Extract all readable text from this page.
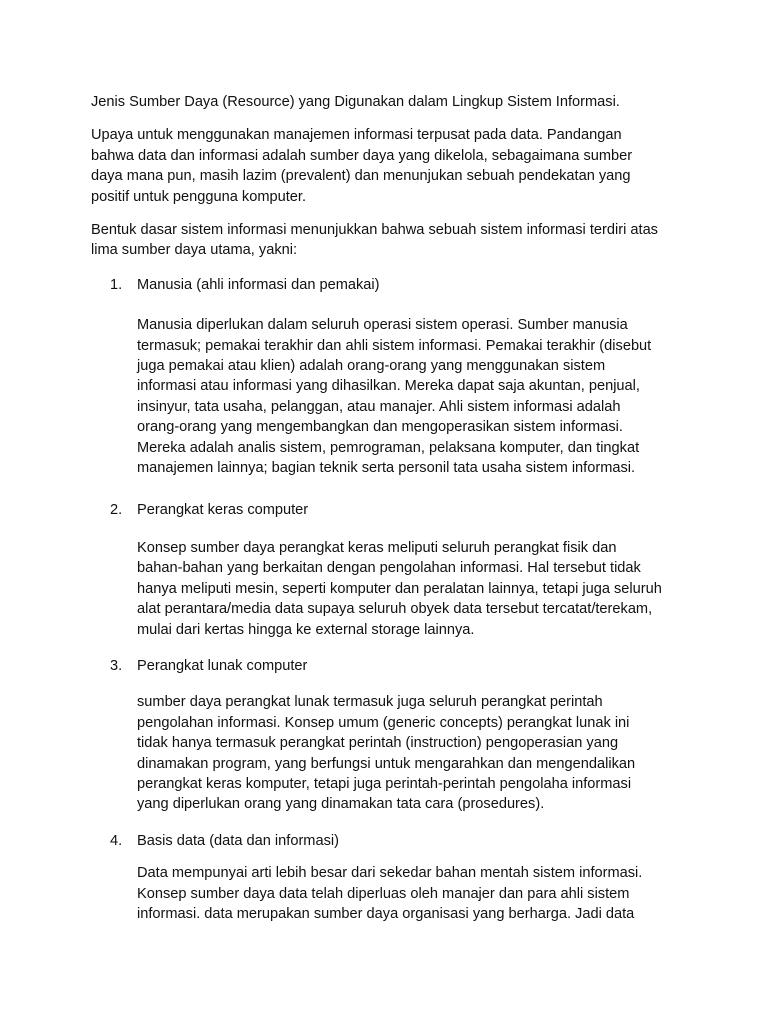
Jenis Sumber Daya (Resource) yang Digunakan dalam Lingkup Sistem Informasi.
Upaya untuk menggunakan manajemen informasi terpusat pada data. Pandangan
bahwa data dan informasi adalah sumber daya yang dikelola, sebagaimana sumber
daya mana pun, masih lazim (prevalent) dan menunjukan sebuah pendekatan yang
positif untuk pengguna komputer.
Bentuk dasar sistem informasi menunjukkan bahwa sebuah sistem informasi terdiri atas
lima sumber daya utama, yakni:
1. Manusia (ahli informasi dan pemakai)
Manusia diperlukan dalam seluruh operasi sistem operasi. Sumber manusia
termasuk; pemakai terakhir dan ahli sistem informasi. Pemakai terakhir (disebut
juga pemakai atau klien) adalah orang-orang yang menggunakan sistem
informasi atau informasi yang dihasilkan. Mereka dapat saja akuntan, penjual,
insinyur, tata usaha, pelanggan, atau manajer. Ahli sistem informasi adalah
orang-orang yang mengembangkan dan mengoperasikan sistem informasi.
Mereka adalah analis sistem, pemrograman, pelaksana komputer, dan tingkat
manajemen lainnya; bagian teknik serta personil tata usaha sistem informasi.
2. Perangkat keras computer
Konsep sumber daya perangkat keras meliputi seluruh perangkat fisik dan
bahan-bahan yang berkaitan dengan pengolahan informasi. Hal tersebut tidak
hanya meliputi mesin, seperti komputer dan peralatan lainnya, tetapi juga seluruh
alat perantara/media data supaya seluruh obyek data tersebut tercatat/terekam,
mulai dari kertas hingga ke external storage lainnya.
3. Perangkat lunak computer
sumber daya perangkat lunak termasuk juga seluruh perangkat perintah
pengolahan informasi. Konsep umum (generic concepts) perangkat lunak ini
tidak hanya termasuk perangkat perintah (instruction) pengoperasian yang
dinamakan program, yang berfungsi untuk mengarahkan dan mengendalikan
perangkat keras komputer, tetapi juga perintah-perintah pengolaha informasi
yang diperlukan orang yang dinamakan tata cara (prosedures).
4. Basis data (data dan informasi)
Data mempunyai arti lebih besar dari sekedar bahan mentah sistem informasi.
Konsep sumber daya data telah diperluas oleh manajer dan para ahli sistem
informasi. data merupakan sumber daya organisasi yang berharga. Jadi data
